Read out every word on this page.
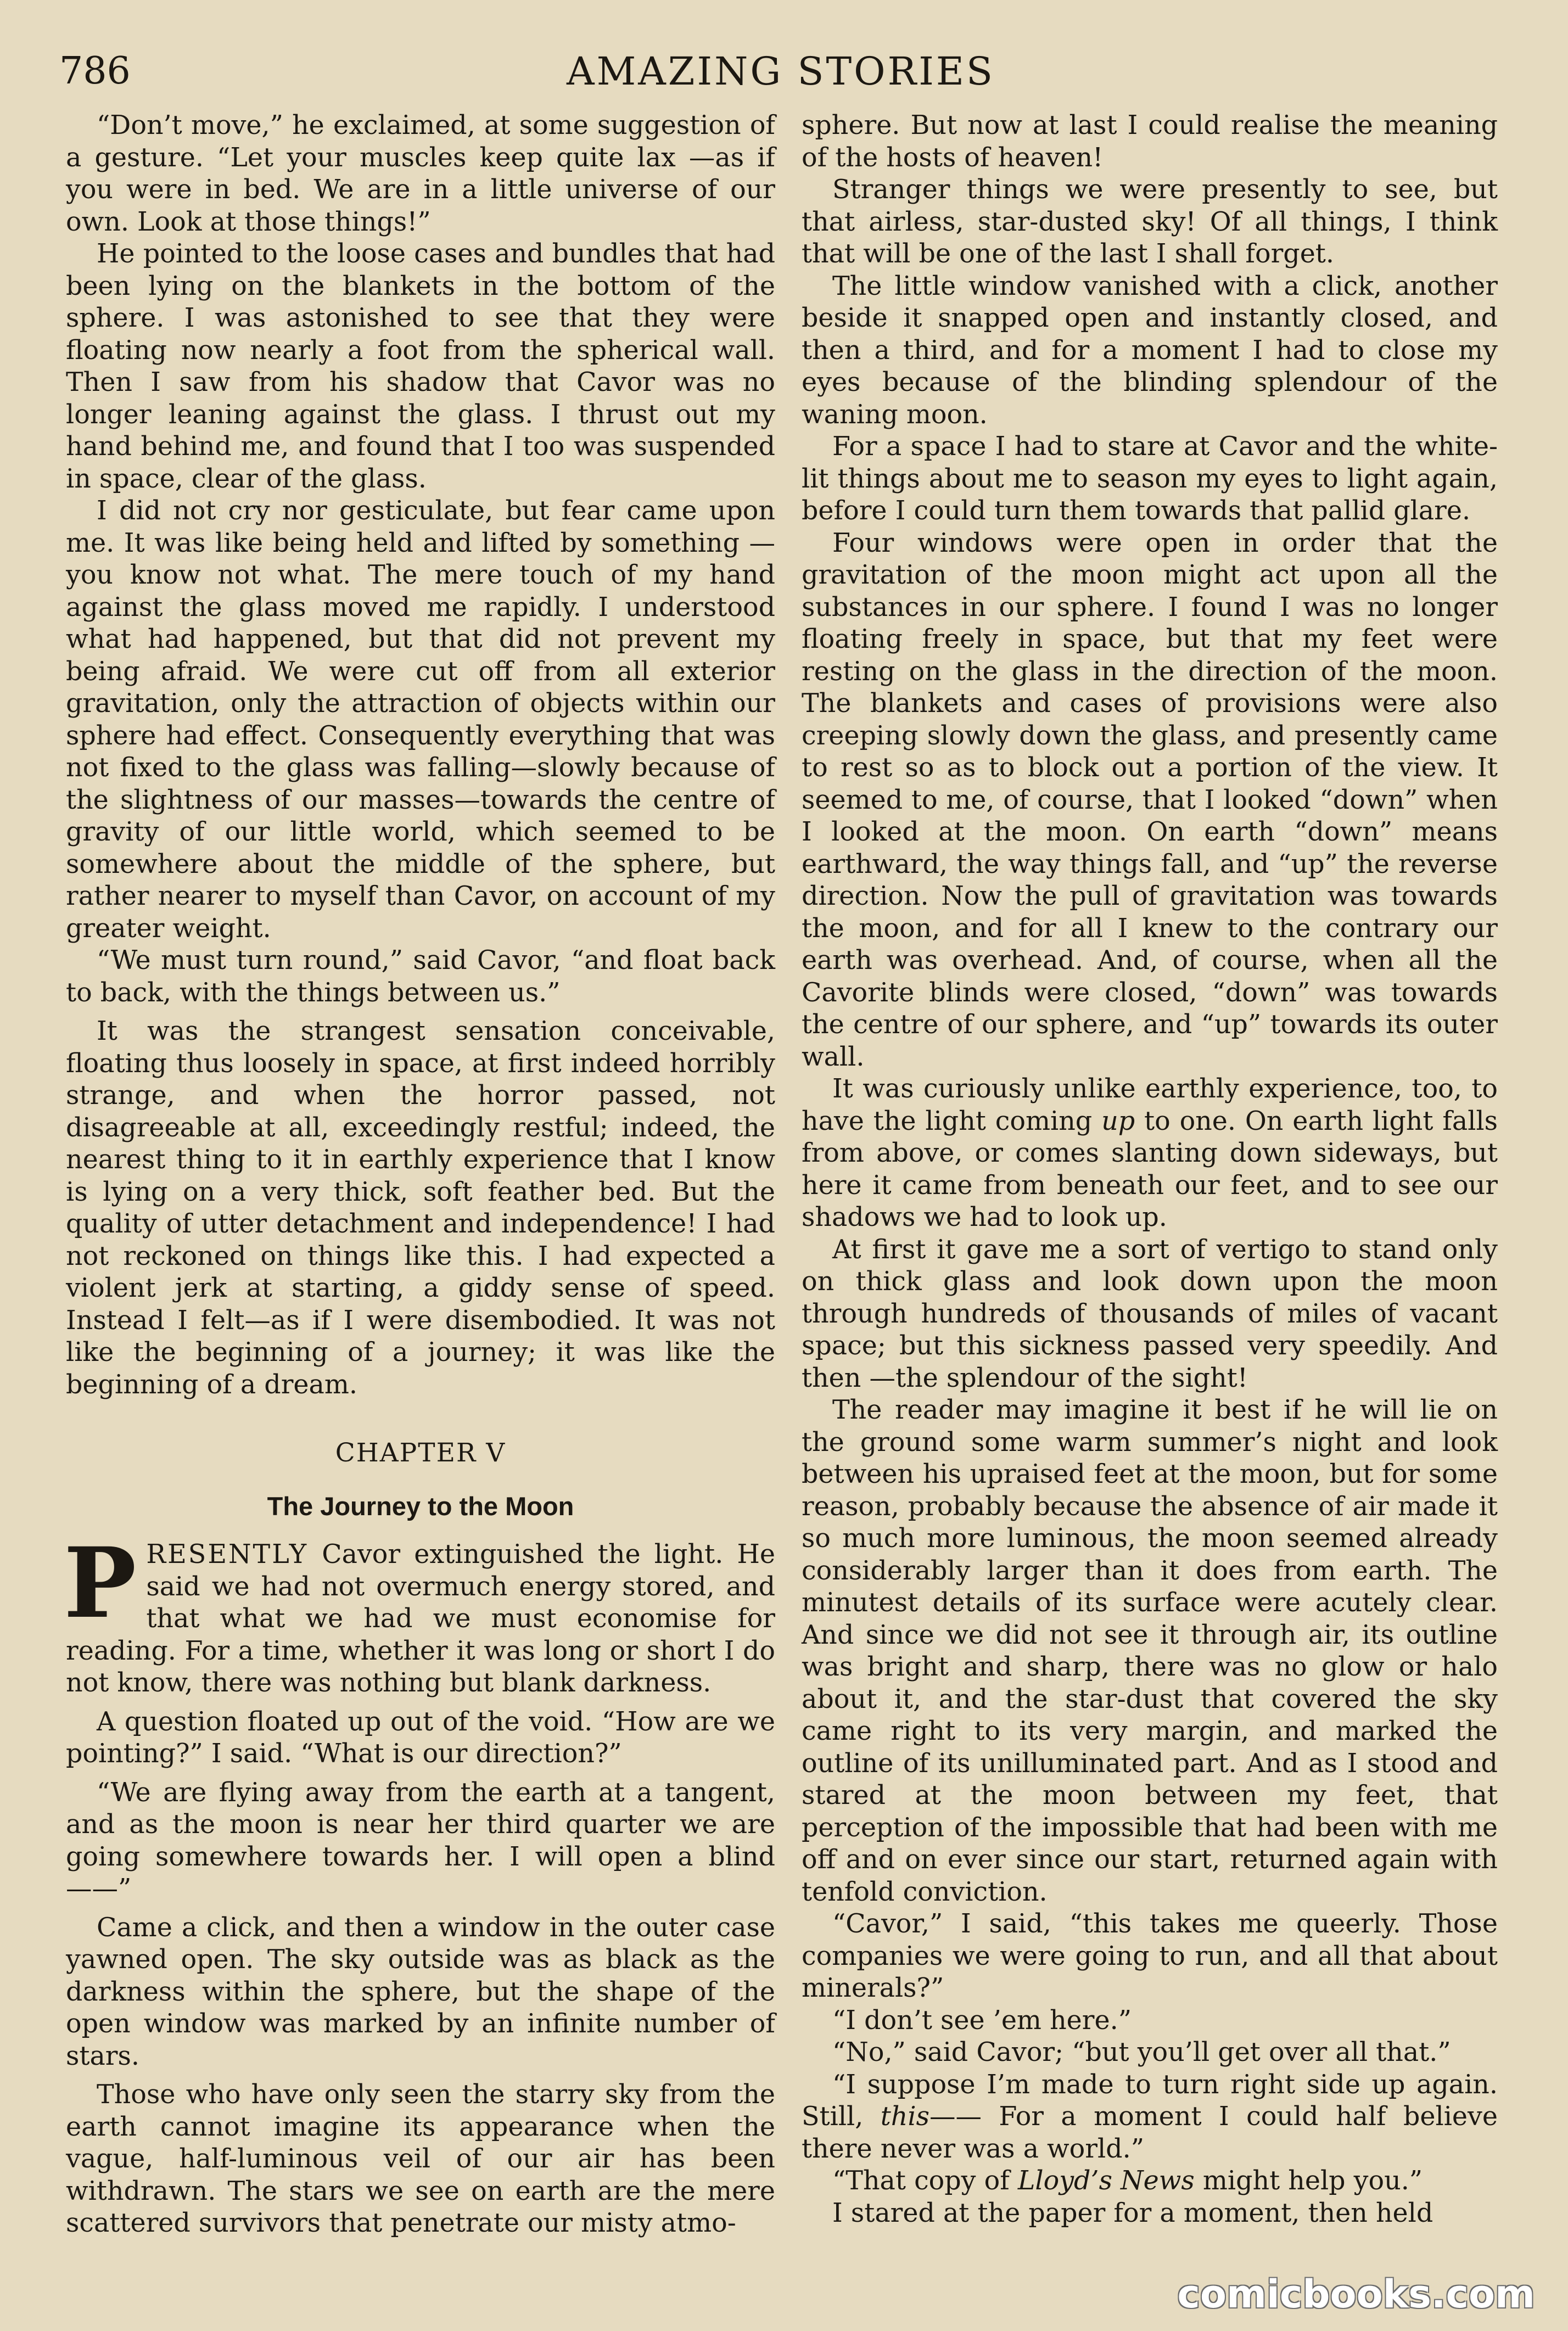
786	AMAZING STORIES

“Don’t move,” he exclaimed, at some suggestion of a gesture. “Let your muscles keep quite lax —as if you were in bed. We are in a little universe of our own. Look at those things!”

He pointed to the loose cases and bundles that had been lying on the blankets in the bottom of the sphere. I was astonished to see that they were floating now nearly a foot from the spherical wall. Then I saw from his shadow that Cavor was no longer leaning against the glass. I thrust out my hand behind me, and found that I too was suspended in space, clear of the glass.

I did not cry nor gesticulate, but fear came upon me. It was like being held and lifted by something —you know not what. The mere touch of my hand against the glass moved me rapidly. I understood what had happened, but that did not prevent my being afraid. We were cut off from all exterior gravitation, only the attraction of objects within our sphere had effect. Consequently everything that was not fixed to the glass was falling—slowly because of the slightness of our masses—towards the centre of gravity of our little world, which seemed to be somewhere about the middle of the sphere, but rather nearer to myself than Cavor, on account of my greater weight.

“We must turn round,” said Cavor, “and float back to back, with the things between us.”

It was the strangest sensation conceivable, floating thus loosely in space, at first indeed horribly strange, and when the horror passed, not disagreeable at all, exceedingly restful; indeed, the nearest thing to it in earthly experience that I know is lying on a very thick, soft feather bed. But the quality of utter detachment and independence! I had not reckoned on things like this. I had expected a violent jerk at starting, a giddy sense of speed. Instead I felt—as if I were disembodied. It was not like the beginning of a journey; it was like the beginning of a dream.

CHAPTER V
The Journey to the Moon

PRESENTLY Cavor extinguished the light. He said we had not overmuch energy stored, and that what we had we must economise for reading. For a time, whether it was long or short I do not know, there was nothing but blank darkness.

A question floated up out of the void. “How are we pointing?” I said. “What is our direction?”

“We are flying away from the earth at a tangent, and as the moon is near her third quarter we are going somewhere towards her. I will open a blind——”

Came a click, and then a window in the outer case yawned open. The sky outside was as black as the darkness within the sphere, but the shape of the open window was marked by an infinite number of stars.

Those who have only seen the starry sky from the earth cannot imagine its appearance when the vague, half-luminous veil of our air has been withdrawn. The stars we see on earth are the mere scattered survivors that penetrate our misty atmo-

sphere. But now at last I could realise the meaning of the hosts of heaven!

Stranger things we were presently to see, but that airless, star-dusted sky! Of all things, I think that will be one of the last I shall forget.

The little window vanished with a click, another beside it snapped open and instantly closed, and then a third, and for a moment I had to close my eyes because of the blinding splendour of the waning moon.

For a space I had to stare at Cavor and the white-lit things about me to season my eyes to light again, before I could turn them towards that pallid glare.

Four windows were open in order that the gravitation of the moon might act upon all the substances in our sphere. I found I was no longer floating freely in space, but that my feet were resting on the glass in the direction of the moon. The blankets and cases of provisions were also creeping slowly down the glass, and presently came to rest so as to block out a portion of the view. It seemed to me, of course, that I looked “down” when I looked at the moon. On earth “down” means earthward, the way things fall, and “up” the reverse direction. Now the pull of gravitation was towards the moon, and for all I knew to the contrary our earth was overhead. And, of course, when all the Cavorite blinds were closed, “down” was towards the centre of our sphere, and “up” towards its outer wall.

It was curiously unlike earthly experience, too, to have the light coming up to one. On earth light falls from above, or comes slanting down sideways, but here it came from beneath our feet, and to see our shadows we had to look up.

At first it gave me a sort of vertigo to stand only on thick glass and look down upon the moon through hundreds of thousands of miles of vacant space; but this sickness passed very speedily. And then —the splendour of the sight!

The reader may imagine it best if he will lie on the ground some warm summer’s night and look between his upraised feet at the moon, but for some reason, probably because the absence of air made it so much more luminous, the moon seemed already considerably larger than it does from earth. The minutest details of its surface were acutely clear. And since we did not see it through air, its outline was bright and sharp, there was no glow or halo about it, and the star-dust that covered the sky came right to its very margin, and marked the outline of its unilluminated part. And as I stood and stared at the moon between my feet, that perception of the impossible that had been with me off and on ever since our start, returned again with tenfold conviction.

“Cavor,” I said, “this takes me queerly. Those companies we were going to run, and all that about minerals?”

“I don’t see ’em here.”

“No,” said Cavor; “but you’ll get over all that.”

“I suppose I’m made to turn right side up again. Still, this—— For a moment I could half believe there never was a world.”

“That copy of Lloyd’s News might help you.”

I stared at the paper for a moment, then held

comicbooks.com
